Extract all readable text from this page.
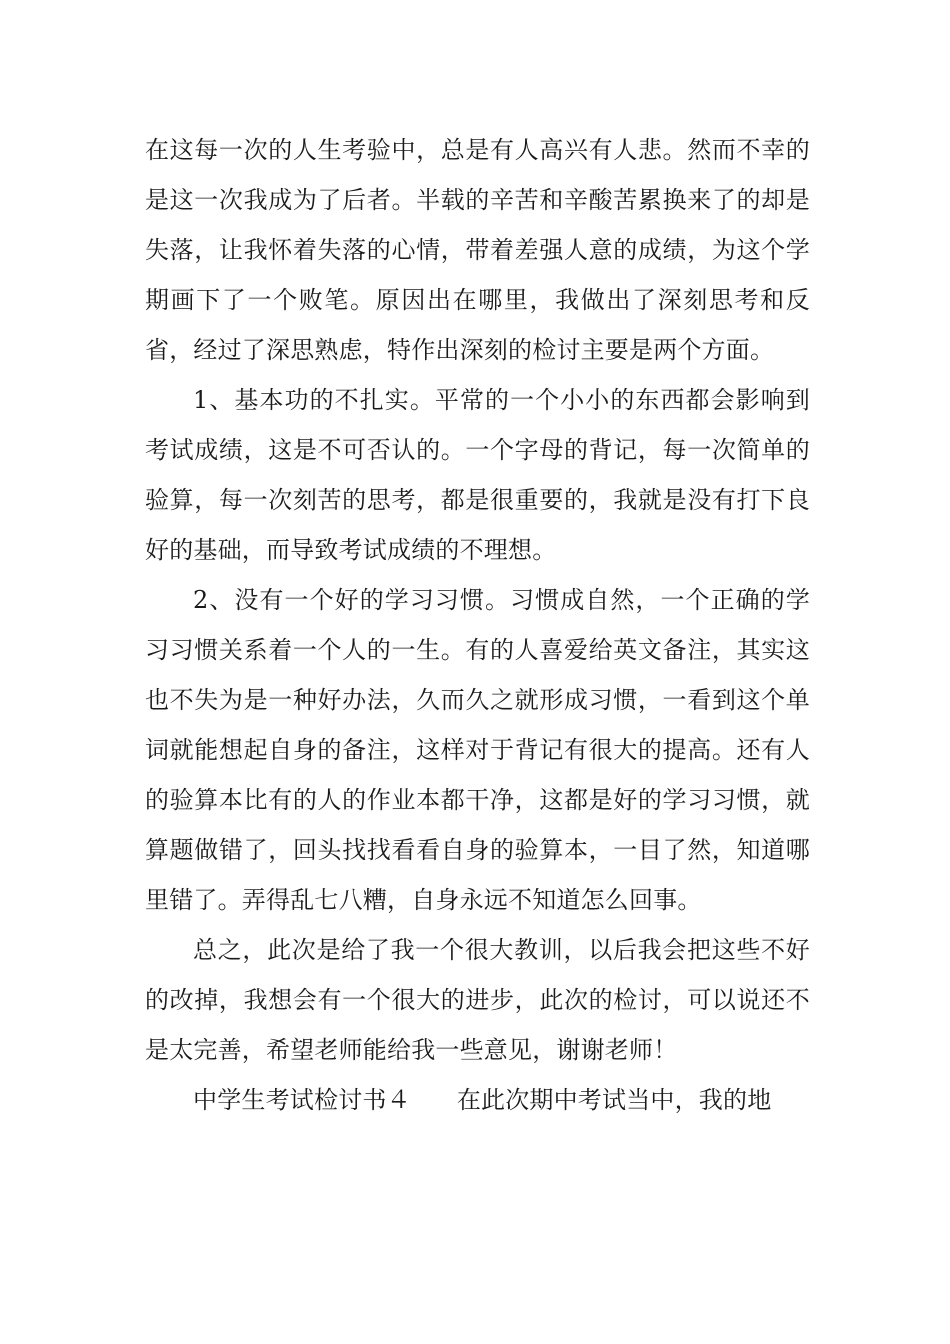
在这每一次的人生考验中，总是有人高兴有人悲。然而不幸的是这一次我成为了后者。半载的辛苦和辛酸苦累换来了的却是失落，让我怀着失落的心情，带着差强人意的成绩，为这个学期画下了一个败笔。原因出在哪里，我做出了深刻思考和反省，经过了深思熟虑，特作出深刻的检讨主要是两个方面。

1、基本功的不扎实。平常的一个小小的东西都会影响到考试成绩，这是不可否认的。一个字母的背记，每一次简单的验算，每一次刻苦的思考，都是很重要的，我就是没有打下良好的基础，而导致考试成绩的不理想。

2、没有一个好的学习习惯。习惯成自然，一个正确的学习习惯关系着一个人的一生。有的人喜爱给英文备注，其实这也不失为是一种好办法，久而久之就形成习惯，一看到这个单词就能想起自身的备注，这样对于背记有很大的提高。还有人的验算本比有的人的作业本都干净，这都是好的学习习惯，就算题做错了，回头找找看看自身的验算本，一目了然，知道哪里错了。弄得乱七八糟，自身永远不知道怎么回事。

总之，此次是给了我一个很大教训，以后我会把这些不好的改掉，我想会有一个很大的进步，此次的检讨，可以说还不是太完善，希望老师能给我一些意见，谢谢老师！

中学生考试检讨书４ 在此次期中考试当中，我的地
